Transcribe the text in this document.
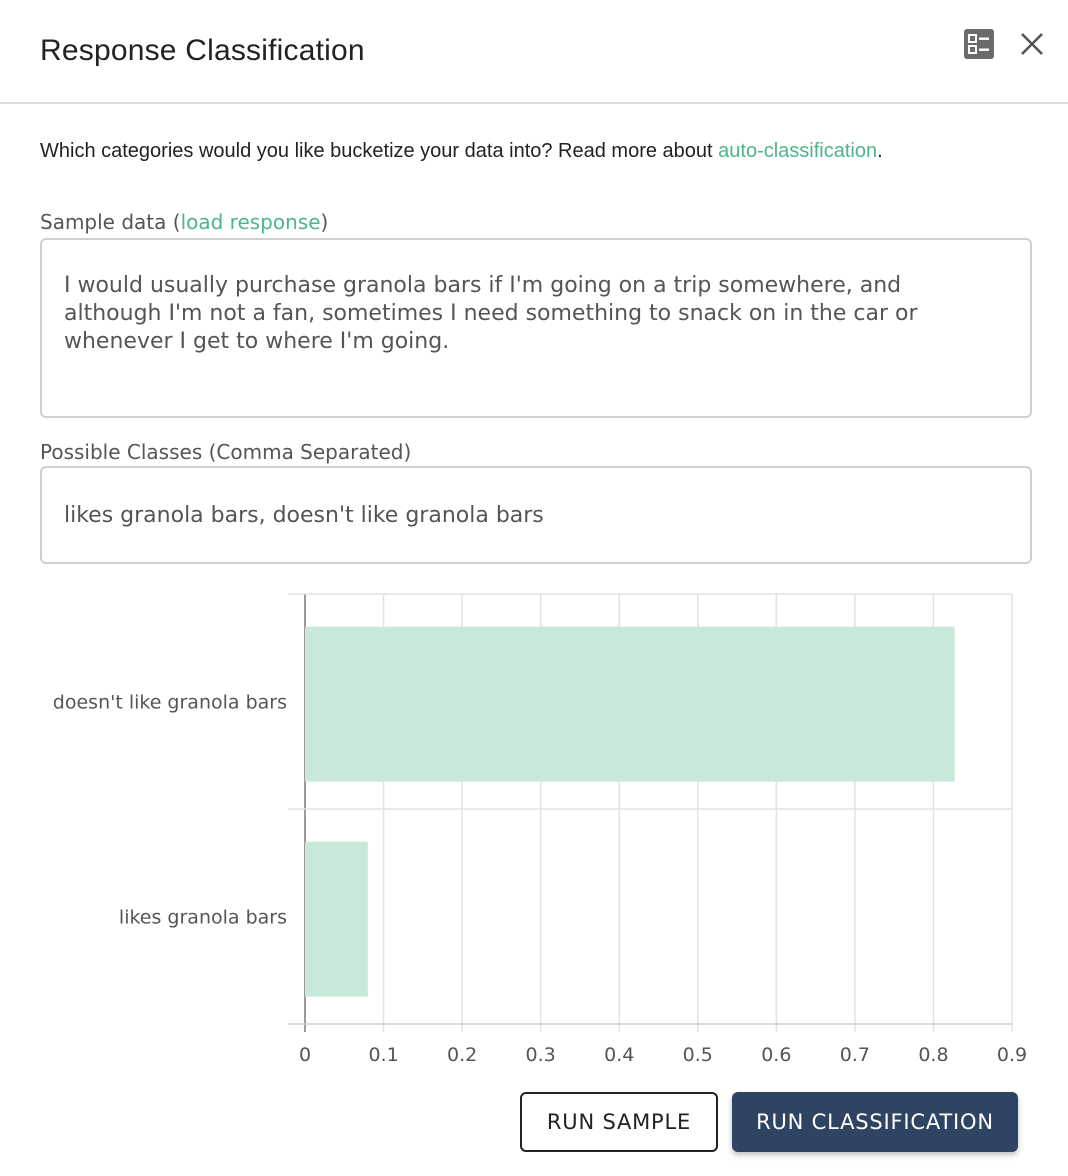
Response Classification
Which categories would you like bucketize your data into? Read more about auto-classification.
Sample data (load response)
I would usually purchase granola bars if I'm going on a trip somewhere, and
although I'm not a fan, sometimes I need something to snack on in the car or
whenever I get to where I'm going.
Possible Classes (Comma Separated)
likes granola bars, doesn't like granola bars
doesn't like granola bars
likes granola bars
0	0.1	0.2	0.3	0.4	0.5	0.6	0.7	0.8	0.9
RUN SAMPLE	RUN CLASSIFICATION
